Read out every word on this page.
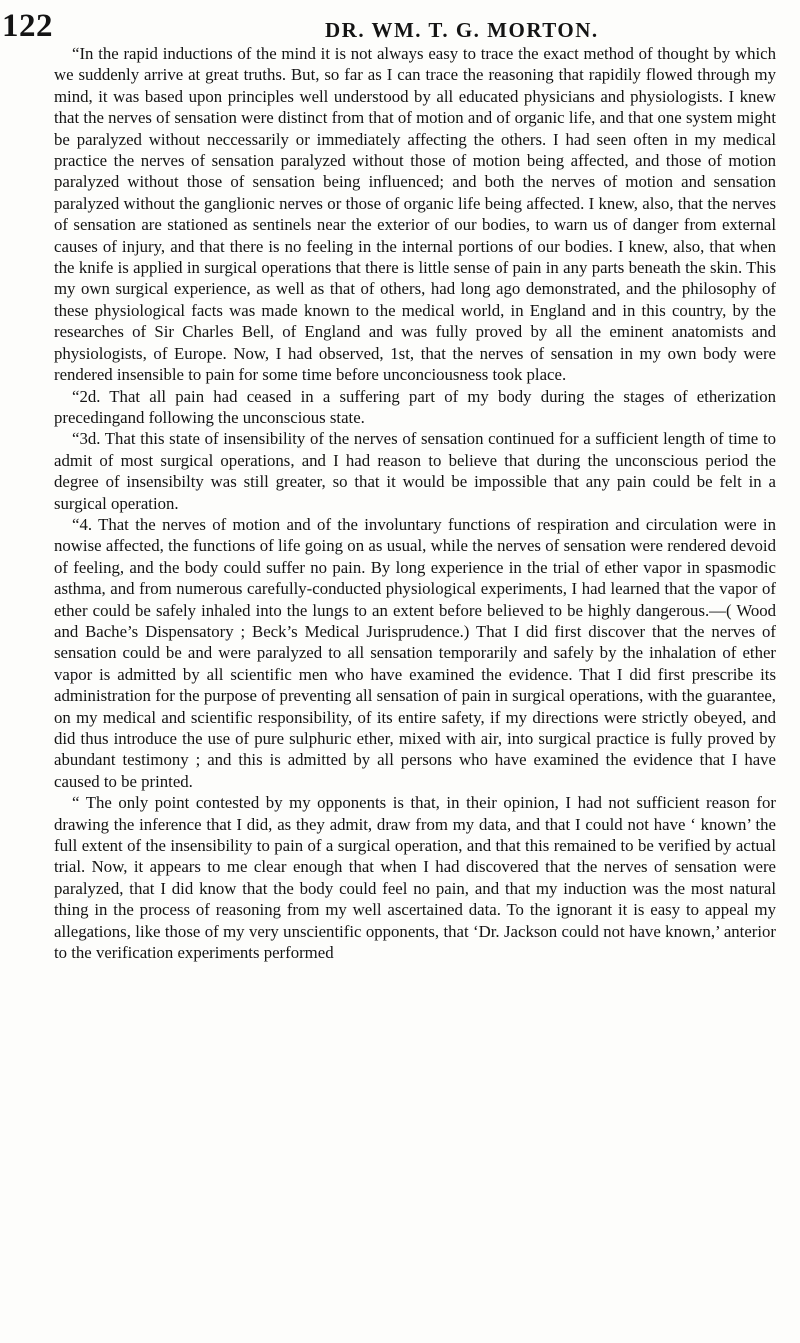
122	DR. WM. T. G. MORTON.

“In the rapid inductions of the mind it is not always easy to trace the exact method of thought by which we suddenly arrive at great truths. But, so far as I can trace the reasoning that rapidily flowed through my mind, it was based upon principles well understood by all educated physicians and physiologists. I knew that the nerves of sensation were distinct from that of motion and of organic life, and that one system might be paralyzed without neccessarily or immediately affecting the others. I had seen often in my medical practice the nerves of sensation paralyzed without those of motion being affected, and those of motion paralyzed without those of sensation being influenced; and both the nerves of motion and sensation paralyzed without the ganglionic nerves or those of organic life being affected. I knew, also, that the nerves of sensation are stationed as sentinels near the exterior of our bodies, to warn us of danger from external causes of injury, and that there is no feeling in the internal portions of our bodies. I knew, also, that when the knife is applied in surgical operations that there is little sense of pain in any parts beneath the skin. This my own surgical experience, as well as that of others, had long ago demonstrated, and the philosophy of these physiological facts was made known to the medical world, in England and in this country, by the researches of Sir Charles Bell, of England and was fully proved by all the eminent anatomists and physiologists, of Europe. Now, I had observed, 1st, that the nerves of sensation in my own body were rendered insensible to pain for some time before unconciousness took place.

“2d. That all pain had ceased in a suffering part of my body during the stages of etherization precedingand following the unconscious state.

“3d. That this state of insensibility of the nerves of sensation continued for a sufficient length of time to admit of most surgical operations, and I had reason to believe that during the unconscious period the degree of insensibilty was still greater, so that it would be impossible that any pain could be felt in a surgical operation.

“4. That the nerves of motion and of the involuntary functions of respiration and circulation were in nowise affected, the functions of life going on as usual, while the nerves of sensation were rendered devoid of feeling, and the body could suffer no pain. By long experience in the trial of ether vapor in spasmodic asthma, and from numerous carefully-conducted physiological experiments, I had learned that the vapor of ether could be safely inhaled into the lungs to an extent before believed to be highly dangerous.—( Wood and Bache’s Dispensatory ; Beck’s Medical Jurisprudence.) That I did first discover that the nerves of sensation could be and were paralyzed to all sensation temporarily and safely by the inhalation of ether vapor is admitted by all scientific men who have examined the evidence. That I did first prescribe its administration for the purpose of preventing all sensation of pain in surgical operations, with the guarantee, on my medical and scientific responsibility, of its entire safety, if my directions were strictly obeyed, and did thus introduce the use of pure sulphuric ether, mixed with air, into surgical practice is fully proved by abundant testimony ; and this is admitted by all persons who have examined the evidence that I have caused to be printed.

“ The only point contested by my opponents is that, in their opinion, I had not sufficient reason for drawing the inference that I did, as they admit, draw from my data, and that I could not have ‘ known’ the full extent of the insensibility to pain of a surgical operation, and that this remained to be verified by actual trial. Now, it appears to me clear enough that when I had discovered that the nerves of sensation were paralyzed, that I did know that the body could feel no pain, and that my induction was the most natural thing in the process of reasoning from my well ascertained data. To the ignorant it is easy to appeal my allegations, like those of my very unscientific opponents, that ‘Dr. Jackson could not have known,’ anterior to the verification experiments performed
